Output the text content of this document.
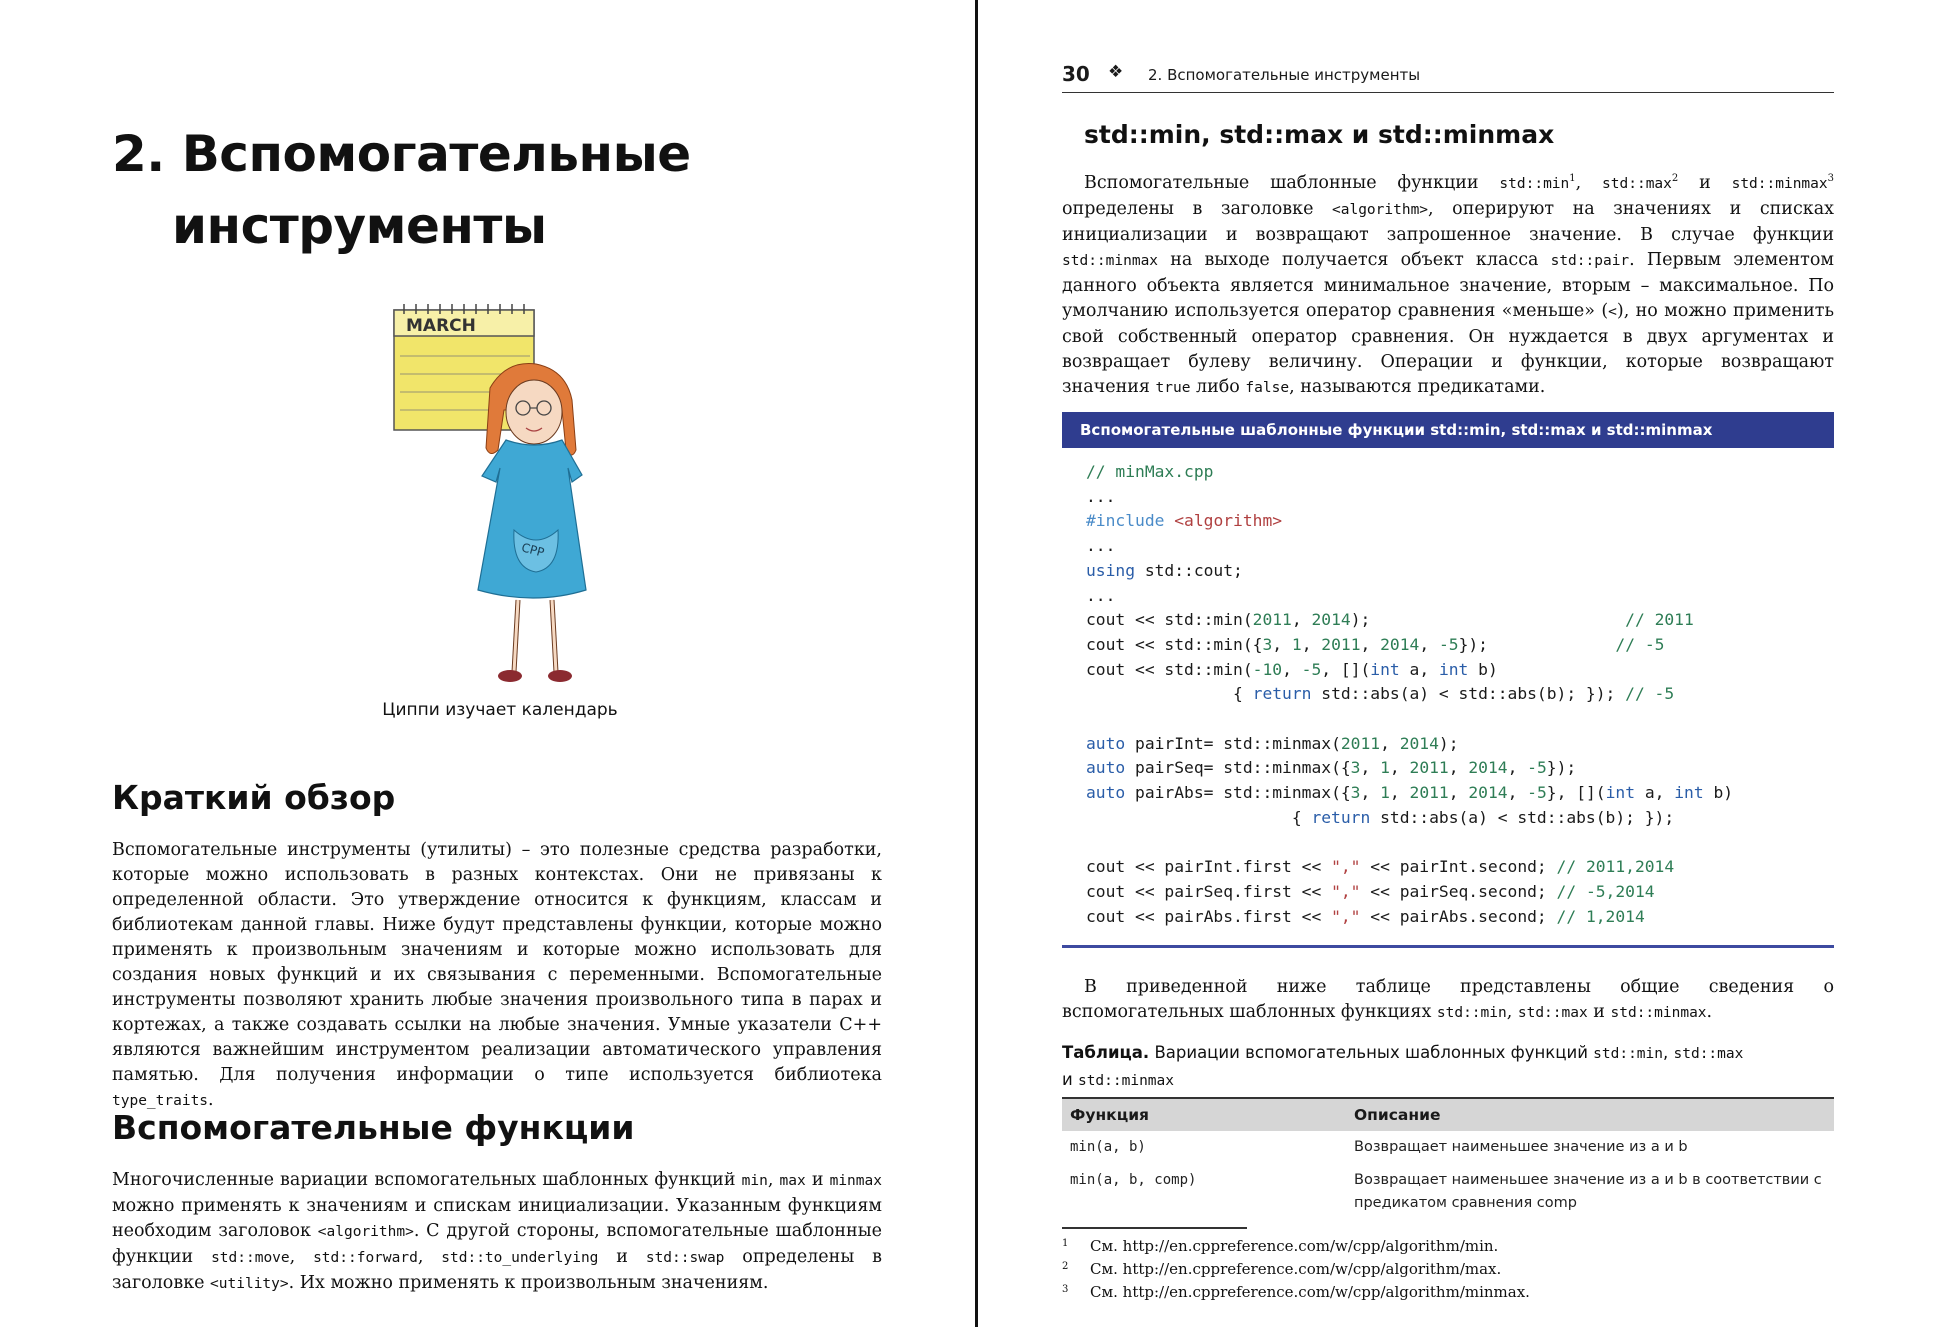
2. Вспомогательные
инструменты
MARCH
CPP
Циппи изучает календарь
Краткий обзор
Вспомогательные инструменты (утилиты) – это полезные средства разработки, которые можно использовать в разных контекстах. Они не привязаны к определенной области. Это утверждение относится к функциям, классам и библиотекам данной главы. Ниже будут представлены функции, которые можно применять к произвольным значениям и которые можно использовать для создания новых функций и их связывания с переменными. Вспомогательные инструменты позволяют хранить любые значения произвольного типа в парах и кортежах, а также создавать ссылки на любые значения. Умные указатели C++ являются важнейшим инструментом реализации автоматического управления памятью. Для получения информации о типе используется библиотека type_traits.
Вспомогательные функции
Многочисленные вариации вспомогательных шаблонных функций min, max и minmax можно применять к значениям и спискам инициализации. Указанным функциям необходим заголовок <algorithm>. С другой стороны, вспомогательные шаблонные функции std::move, std::forward, std::to_underlying и std::swap определены в заголовке <utility>. Их можно применять к произвольным значениям.
30 ❖ 2. Вспомогательные инструменты
std::min, std::max и std::minmax
Вспомогательные шаблонные функции $std::\min^1$, $std::\max^2$ и std::minmax$^3$ определены в заголовке <algorithm>, оперируют на значениях и списках инициализации и возвращают запрошенное значение. В случае функции std::minmax на выходе получается объект класса std::pair. Первым элементом данного объекта является минимальное значение, вторым – максимальное. По умолчанию используется оператор сравнения «меньше» (<), но можно применить свой собственный оператор сравнения. Он нуждается в двух аргументах и возвращает булеву величину. Операции и функции, которые возвращают значения true либо false, называются предикатами.
Вспомогательные шаблонные функции std::min, std::max и std::minmax
// minMax.cpp
...
#include <algorithm>
...
using std::cout;
...
cout << std::min(2011, 2014);                          // 2011
cout << std::min({3, 1, 2011, 2014, -5});             // -5
cout << std::min(-10, -5, [](int a, int b)
{ return std::abs(a) < std::abs(b); }); // -5

auto pairInt= std::minmax(2011, 2014);
auto pairSeq= std::minmax({3, 1, 2011, 2014, -5});
auto pairAbs= std::minmax({3, 1, 2011, 2014, -5}, [](int a, int b)
{ return std::abs(a) < std::abs(b); });

cout << pairInt.first << "," << pairInt.second; // 2011,2014
cout << pairSeq.first << "," << pairSeq.second; // -5,2014
cout << pairAbs.first << "," << pairAbs.second; // 1,2014
В приведенной ниже таблице представлены общие сведения о вспомогательных шаблонных функциях std::min, std::max и std::minmax.
Таблица. Вариации вспомогательных шаблонных функций std::min, std::max
и std::minmax
Функция	Описание
min(a, b)	Возвращает наименьшее значение из a и b
min(a, b, comp)	Возвращает наименьшее значение из a и b в соответствии с предикатом сравнения comp
1 См. http://en.cppreference.com/w/cpp/algorithm/min.
2 См. http://en.cppreference.com/w/cpp/algorithm/max.
3 См. http://en.cppreference.com/w/cpp/algorithm/minmax.
